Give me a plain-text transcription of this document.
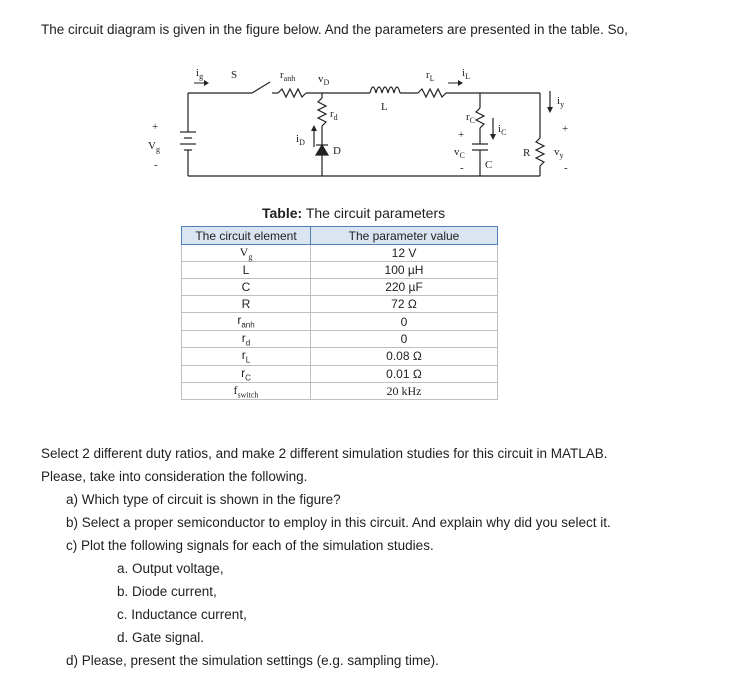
The circuit diagram is given in the figure below. And the parameters are presented in the table. So,
$i_g$	S	$r_{anh}$ $v_D$
L
$r_L$ $i_L$
$r_d$
$i_D$
D
$r_C$
+
$v_C$
-
$i_C$
C
R
$i_y$
+
$v_y$
-
+
$V_g$
-
Table: The circuit parameters
The circuit element	The parameter value
$V_g$	12 V
L	100 µH
C	220 µF
R	72 Ω
$r_{anh}$	0
$r_d$	0
$r_L$	0.08 Ω
$r_C$	0.01 Ω
$f_{switch}$	20 kHz
Select 2 different duty ratios, and make 2 different simulation studies for this circuit in MATLAB.
Please, take into consideration the following.
a) Which type of circuit is shown in the figure?
b) Select a proper semiconductor to employ in this circuit. And explain why did you select it.
c) Plot the following signals for each of the simulation studies.
a. Output voltage,
b. Diode current,
c. Inductance current,
d. Gate signal.
d) Please, present the simulation settings (e.g. sampling time).
